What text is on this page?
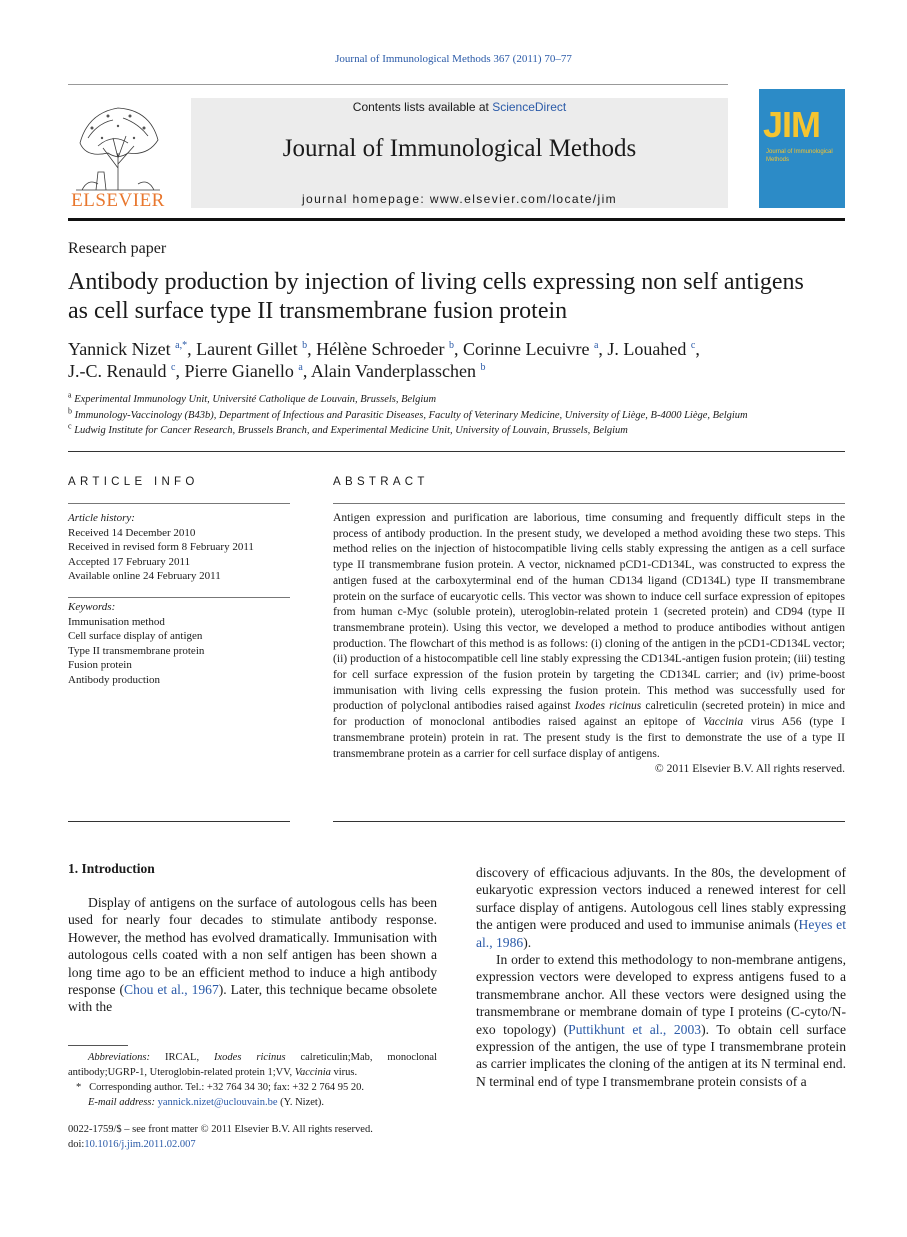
Journal of Immunological Methods 367 (2011) 70–77
ELSEVIER
Contents lists available at ScienceDirect
Journal of Immunological Methods
journal homepage: www.elsevier.com/locate/jim
JIM
Journal of Immunological Methods
Research paper
Antibody production by injection of living cells expressing non self antigens
as cell surface type II transmembrane fusion protein
Yannick Nizet $^{a,*}$, Laurent Gillet $^b$, Hélène Schroeder $^b$, Corinne Lecuivre $^a$, J. Louahed $^c$,
J.-C. Renauld $^c$, Pierre Gianello $^a$, Alain Vanderplasschen $^b$
$^a$ Experimental Immunology Unit, Université Catholique de Louvain, Brussels, Belgium
$^b$ Immunology-Vaccinology (B43b), Department of Infectious and Parasitic Diseases, Faculty of Veterinary Medicine, University of Liège, B-4000 Liège, Belgium
$^c$ Ludwig Institute for Cancer Research, Brussels Branch, and Experimental Medicine Unit, University of Louvain, Brussels, Belgium
ARTICLE INFO	ABSTRACT
Article history:
Received 14 December 2010
Received in revised form 8 February 2011
Accepted 17 February 2011
Available online 24 February 2011
Keywords:
Immunisation method
Cell surface display of antigen
Type II transmembrane protein
Fusion protein
Antibody production
Antigen expression and purification are laborious, time consuming and frequently difficult steps in the process of antibody production. In the present study, we developed a method avoiding these two steps. This method relies on the injection of histocompatible living cells stably expressing the antigen as a cell surface type II transmembrane fusion protein. A vector, nicknamed pCD1-CD134L, was constructed to express the antigen fused at the carboxyterminal end of the human CD134 ligand (CD134L) type II transmembrane protein on the surface of eucaryotic cells. This vector was shown to induce cell surface expression of epitopes from human c-Myc (soluble protein), uteroglobin-related protein 1 (secreted protein) and CD94 (type II transmembrane protein). Using this vector, we developed a method to produce antibodies without antigen production. The flowchart of this method is as follows: (i) cloning of the antigen in the pCD1-CD134L vector; (ii) production of a histocompatible cell line stably expressing the CD134L-antigen fusion protein; (iii) testing for cell surface expression of the fusion protein by targeting the CD134L carrier; and (iv) prime-boost immunisation with living cells expressing the fusion protein. This method was successfully used for production of polyclonal antibodies raised against Ixodes ricinus calreticulin (secreted protein) in mice and for production of monoclonal antibodies raised against an epitope of Vaccinia virus A56 (type I transmembrane protein) protein in rat. The present study is the first to demonstrate the use of a type II transmembrane protein as a carrier for cell surface display of antigens.
© 2011 Elsevier B.V. All rights reserved.
1. Introduction

Display of antigens on the surface of autologous cells has been used for nearly four decades to stimulate antibody response. However, the method has evolved dramatically. Immunisation with autologous cells coated with a non self antigen has been shown a long time ago to be an efficient method to induce a high antibody response (Chou et al., 1967). Later, this technique became obsolete with the

discovery of efficacious adjuvants. In the 80s, the development of eukaryotic expression vectors induced a renewed interest for cell surface display of antigens. Autologous cell lines stably expressing the antigen were produced and used to immunise animals (Heyes et al., 1986).

In order to extend this methodology to non-membrane antigens, expression vectors were developed to express antigens fused to a transmembrane anchor. All these vectors were designed using the transmembrane or membrane domain of type I proteins (C-cyto/N-exo topology) (Puttikhunt et al., 2003). To obtain cell surface expression of the antigen, the use of type I transmembrane protein as carrier implicates the cloning of the antigen at its N terminal end. N terminal end of type I transmembrane protein consists of a

Abbreviations: IRCAL, Ixodes ricinus calreticulin;Mab, monoclonal antibody;UGRP-1, Uteroglobin-related protein 1;VV, Vaccinia virus.

* Corresponding author. Tel.: +32 764 34 30; fax: +32 2 764 95 20.

E-mail address: yannick.nizet@uclouvain.be (Y. Nizet).

0022-1759/$ – see front matter © 2011 Elsevier B.V. All rights reserved.
doi:10.1016/j.jim.2011.02.007
